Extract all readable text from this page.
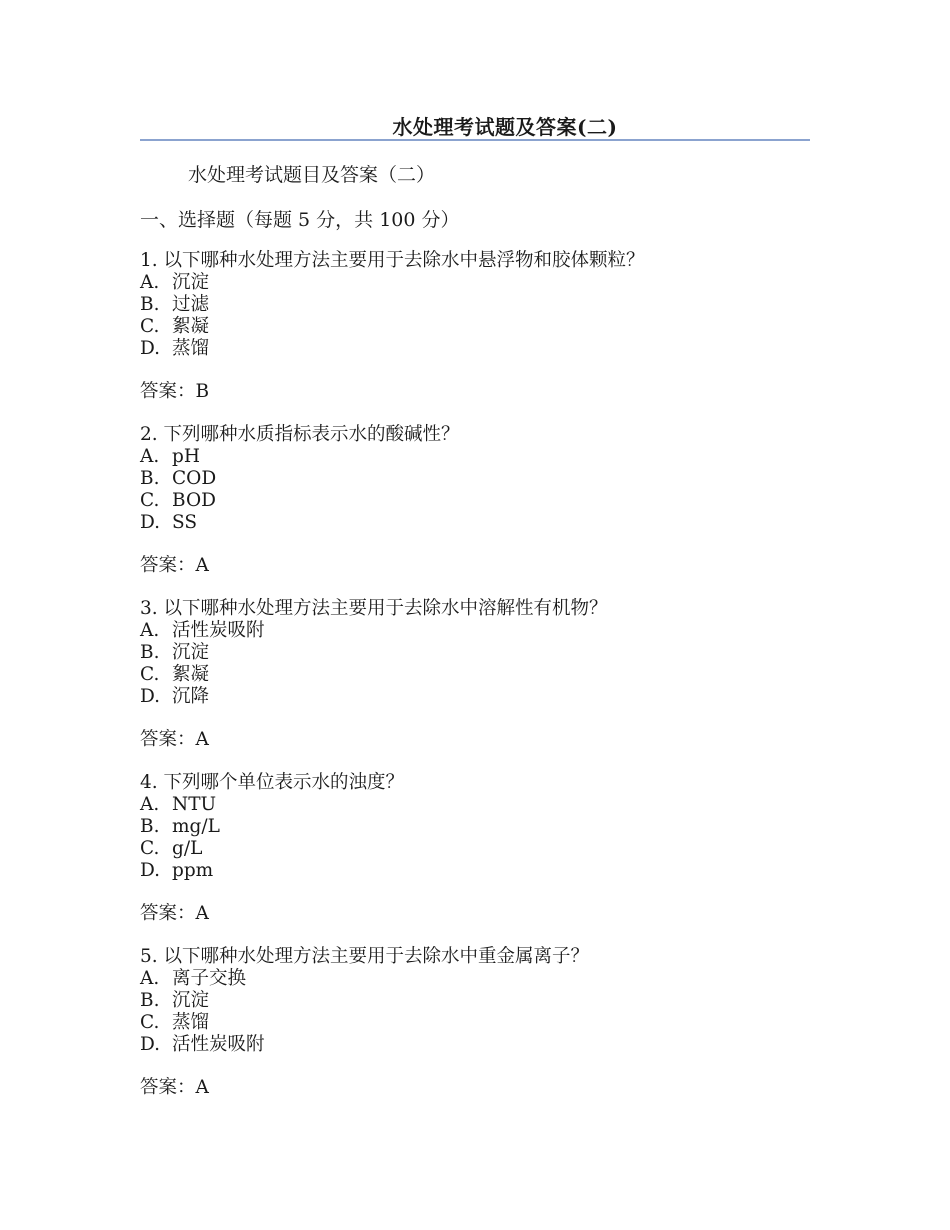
水处理考试题及答案(二)
水处理考试题目及答案（二）
一、选择题（每题 5 分，共 100 分）
1. 以下哪种水处理方法主要用于去除水中悬浮物和胶体颗粒？
A. 沉淀
B. 过滤
C. 絮凝
D. 蒸馏
答案：B
2. 下列哪种水质指标表示水的酸碱性？
A. pH
B. COD
C. BOD
D. SS
答案：A
3. 以下哪种水处理方法主要用于去除水中溶解性有机物？
A. 活性炭吸附
B. 沉淀
C. 絮凝
D. 沉降
答案：A
4. 下列哪个单位表示水的浊度？
A. NTU
B. mg/L
C. g/L
D. ppm
答案：A
5. 以下哪种水处理方法主要用于去除水中重金属离子？
A. 离子交换
B. 沉淀
C. 蒸馏
D. 活性炭吸附
答案：A
